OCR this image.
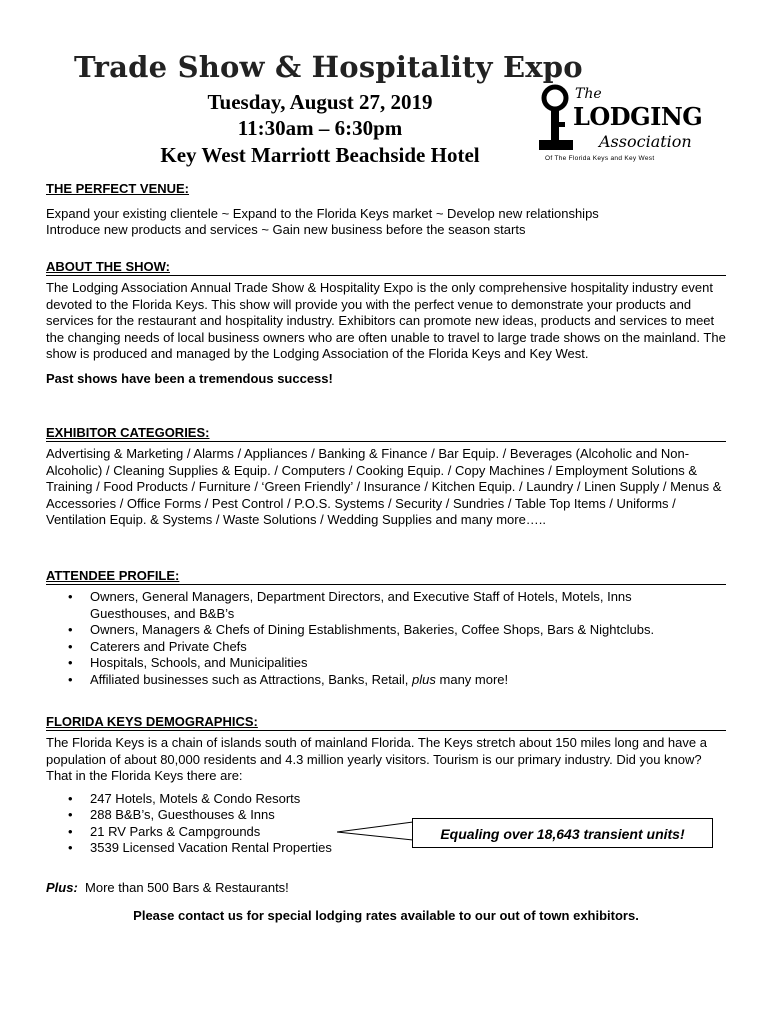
Trade Show & Hospitality Expo
Tuesday, August 27, 2019
11:30am – 6:30pm
Key West Marriott Beachside Hotel
The
LODGING
Association
Of The Florida Keys and Key West
THE PERFECT VENUE:

Expand your existing clientele ~ Expand to the Florida Keys market ~ Develop new relationships

Introduce new products and services ~ Gain new business before the season starts

ABOUT THE SHOW:

The Lodging Association Annual Trade Show & Hospitality Expo is the only comprehensive hospitality industry event devoted to the Florida Keys. This show will provide you with the perfect venue to demonstrate your products and services for the restaurant and hospitality industry. Exhibitors can promote new ideas, products and services to meet the changing needs of local business owners who are often unable to travel to large trade shows on the mainland. The show is produced and managed by the Lodging Association of the Florida Keys and Key West.

Past shows have been a tremendous success!

EXHIBITOR CATEGORIES:

Advertising & Marketing / Alarms / Appliances / Banking & Finance / Bar Equip. / Beverages (Alcoholic and Non-Alcoholic) / Cleaning Supplies & Equip. / Computers / Cooking Equip. / Copy Machines / Employment Solutions & Training / Food Products / Furniture / ‘Green Friendly’ / Insurance / Kitchen Equip. / Laundry / Linen Supply / Menus & Accessories / Office Forms / Pest Control / P.O.S. Systems / Security / Sundries / Table Top Items / Uniforms / Ventilation Equip. & Systems / Waste Solutions / Wedding Supplies and many more…..

ATTENDEE PROFILE:
• Owners, General Managers, Department Directors, and Executive Staff of Hotels, Motels, Inns Guesthouses, and B&B’s
• Owners, Managers & Chefs of Dining Establishments, Bakeries, Coffee Shops, Bars & Nightclubs.
• Caterers and Private Chefs
• Hospitals, Schools, and Municipalities
• Affiliated businesses such as Attractions, Banks, Retail, plus many more!
FLORIDA KEYS DEMOGRAPHICS:

The Florida Keys is a chain of islands south of mainland Florida. The Keys stretch about 150 miles long and have a population of about 80,000 residents and 4.3 million yearly visitors. Tourism is our primary industry. Did you know? That in the Florida Keys there are:

• 247 Hotels, Motels & Condo Resorts
• 288 B&B’s, Guesthouses & Inns
• 21 RV Parks & Campgrounds
• 3539 Licensed Vacation Rental Properties
Equaling over 18,643 transient units!
Plus:  More than 500 Bars & Restaurants!
Please contact us for special lodging rates available to our out of town exhibitors.
